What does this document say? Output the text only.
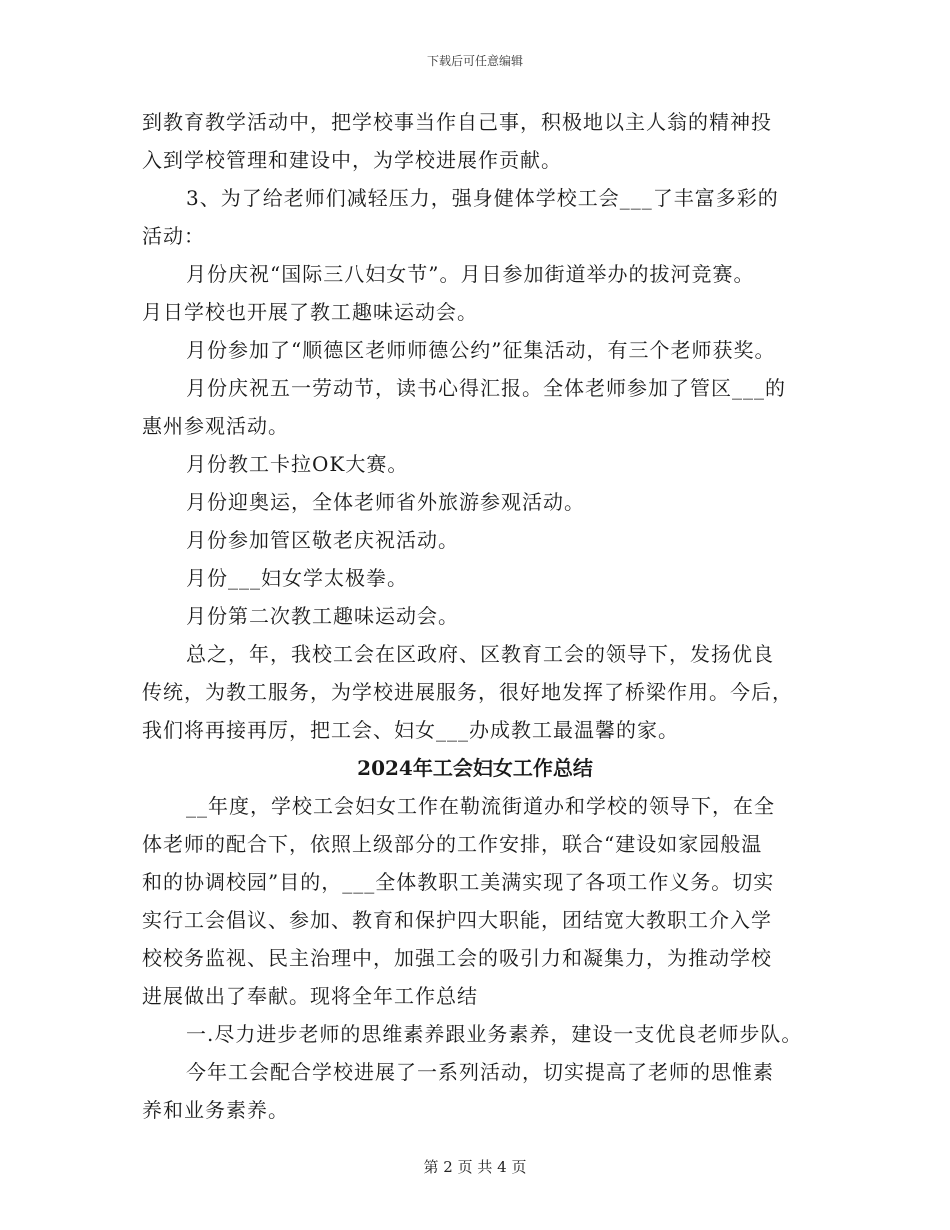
下载后可任意编辑
到教育教学活动中，把学校事当作自己事，积极地以主人翁的精神投
入到学校管理和建设中，为学校进展作贡献。
3、为了给老师们减轻压力，强身健体学校工会___了丰富多彩的
活动：
月份庆祝“国际三八妇女节”。月日参加街道举办的拔河竞赛。
月日学校也开展了教工趣味运动会。
月份参加了“顺德区老师师德公约”征集活动，有三个老师获奖。
月份庆祝五一劳动节，读书心得汇报。全体老师参加了管区___的
惠州参观活动。
月份教工卡拉OK大赛。
月份迎奥运，全体老师省外旅游参观活动。
月份参加管区敬老庆祝活动。
月份___妇女学太极拳。
月份第二次教工趣味运动会。
总之，年，我校工会在区政府、区教育工会的领导下，发扬优良
传统，为教工服务，为学校进展服务，很好地发挥了桥梁作用。今后，
我们将再接再厉，把工会、妇女___办成教工最温馨的家。
2024年工会妇女工作总结
__年度，学校工会妇女工作在勒流街道办和学校的领导下，在全
体老师的配合下，依照上级部分的工作安排，联合“建设如家园般温
和的协调校园”目的，___全体教职工美满实现了各项工作义务。切实
实行工会倡议、参加、教育和保护四大职能，团结宽大教职工介入学
校校务监视、民主治理中，加强工会的吸引力和凝集力，为推动学校
进展做出了奉献。现将全年工作总结
一.尽力进步老师的思维素养跟业务素养，建设一支优良老师步队。
今年工会配合学校进展了一系列活动，切实提高了老师的思惟素
养和业务素养。
第 2 页 共 4 页
